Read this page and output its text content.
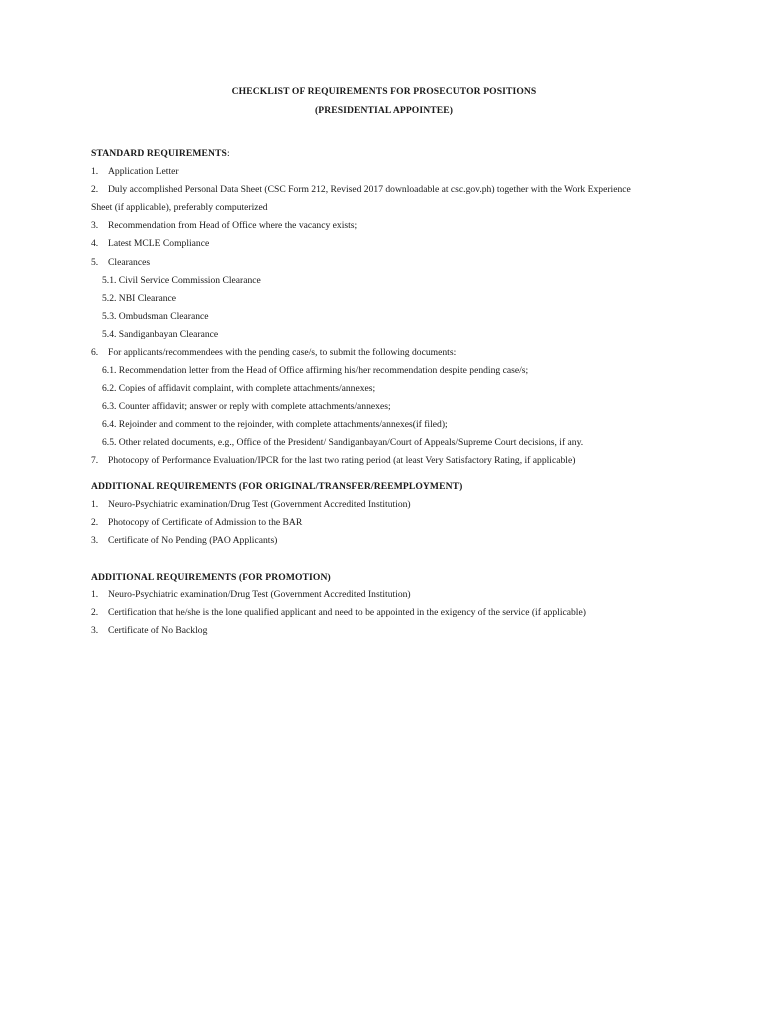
CHECKLIST OF REQUIREMENTS FOR PROSECUTOR POSITIONS
(PRESIDENTIAL APPOINTEE)
STANDARD REQUIREMENTS:
1.	Application Letter
2.	Duly accomplished Personal Data Sheet (CSC Form 212, Revised 2017 downloadable at csc.gov.ph) together with the Work Experience
Sheet (if applicable), preferably computerized
3.	Recommendation from Head of Office where the vacancy exists;
4.	Latest MCLE Compliance
5.	Clearances
5.1. Civil Service Commission Clearance
5.2. NBI Clearance
5.3. Ombudsman Clearance
5.4. Sandiganbayan Clearance
6.	For applicants/recommendees with the pending case/s, to submit the following documents:
6.1. Recommendation letter from the Head of Office affirming his/her recommendation despite pending case/s;
6.2. Copies of affidavit complaint, with complete attachments/annexes;
6.3. Counter affidavit; answer or reply with complete attachments/annexes;
6.4. Rejoinder and comment to the rejoinder, with complete attachments/annexes(if filed);
6.5. Other related documents, e.g., Office of the President/ Sandiganbayan/Court of Appeals/Supreme Court decisions, if any.
7.	Photocopy of Performance Evaluation/IPCR for the last two rating period (at least Very Satisfactory Rating, if applicable)
ADDITIONAL REQUIREMENTS (FOR ORIGINAL/TRANSFER/REEMPLOYMENT)
1.	Neuro-Psychiatric examination/Drug Test (Government Accredited Institution)
2.	Photocopy of Certificate of Admission to the BAR
3.	Certificate of No Pending (PAO Applicants)
ADDITIONAL REQUIREMENTS (FOR PROMOTION)
1.	Neuro-Psychiatric examination/Drug Test (Government Accredited Institution)
2.	Certification that he/she is the lone qualified applicant and need to be appointed in the exigency of the service (if applicable)
3.	Certificate of No Backlog
